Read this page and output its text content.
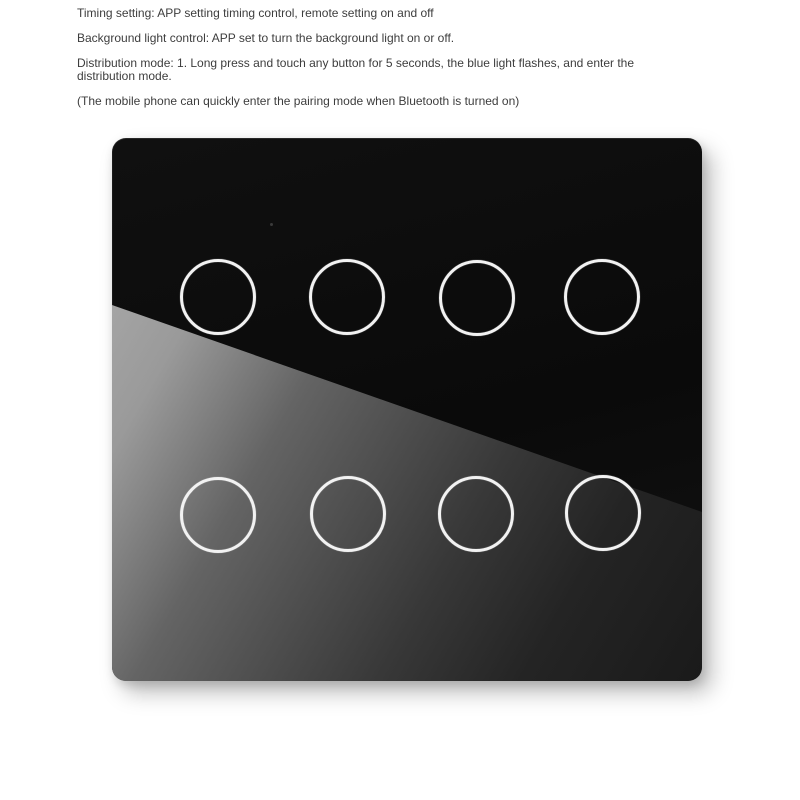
Timing setting: APP setting timing control, remote setting on and off

Background light control: APP set to turn the background light on or off.

Distribution mode: 1. Long press and touch any button for 5 seconds, the blue light flashes, and enter the distribution mode.

(The mobile phone can quickly enter the pairing mode when Bluetooth is turned on)
